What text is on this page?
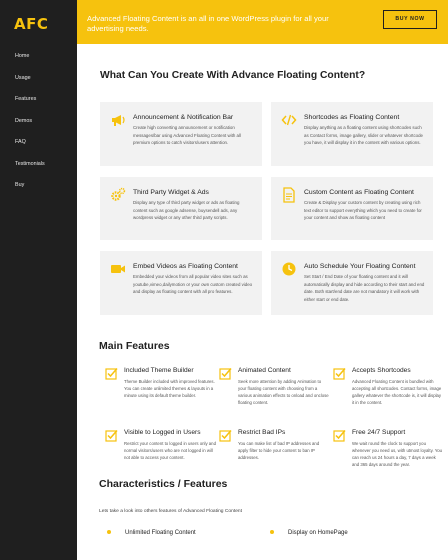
AFC
Home
Usage
Features
Demos
FAQ
Testimonials
Buy
Advanced Floating Content is an all in one WordPress plugin for all your advertising needs.
BUY NOW
What Can You Create With Advance Floating Content?
Announcement & Notification Bar
Create high converting announcement or notification messages/bar using Advanced Floating Content with all premium options to catch visitors/users attention.
Shortcodes as Floating Content
Display anything as a floating content using shortcodes such as Contact forms, image gallery, slider or whatever shortcode you have, it will display it in the content with various options.
Third Party Widget & Ads
Display any type of third party widget or ads as floating content such as google adsense, buysendell ads, any wordpress widget or any other third party scripts.
Custom Content as Floating Content
Create & Display your custom content by creating using rich text editor to support everything which you need to create for your content and show as floating content
Embed Videos as Floating Content
Embedded your videos from all popular video sites such as youtube,vimeo,dailymotion or your own custom created video and display as floating content with all pro features.
Auto Schedule Your Floating Content
Set Start / End Date of your floating content and it will automatically display and hide according to their start and end date. Both start/end date are not mandatory it will work with either start or end date.
Main Features
Included Theme Builder
Theme Builder included with improved features. You can create unlimited themes & layouts in a minute using its default theme builder.
Animated Content
Seek more attention by adding Animation to your floating content with choosing from a various animation effects to onload and onclose floating content.
Accepts Shortcodes
Advanced Floating Content is bundled with accepting all shortcodes. Contact forms, image gallery whatever the shortcode is, it will display it in the content.
Visible to Logged in Users
Restrict your content to logged in users only and normal visitors/users who are not logged in will not able to access your content.
Restrict Bad IPs
You can make list of bad IP addresses and apply filter to hide your content to ban IP addresses.
Free 24/7 Support
We wait round the clock to support you whenever you need us, with utmost loyalty. You can reach us 24 hours a day, 7 days a week and 365 days around the year.
Characteristics / Features
Lets take a look into others features of Advanced Floating Content
Unlimited Floating Content	Display on HomePage
